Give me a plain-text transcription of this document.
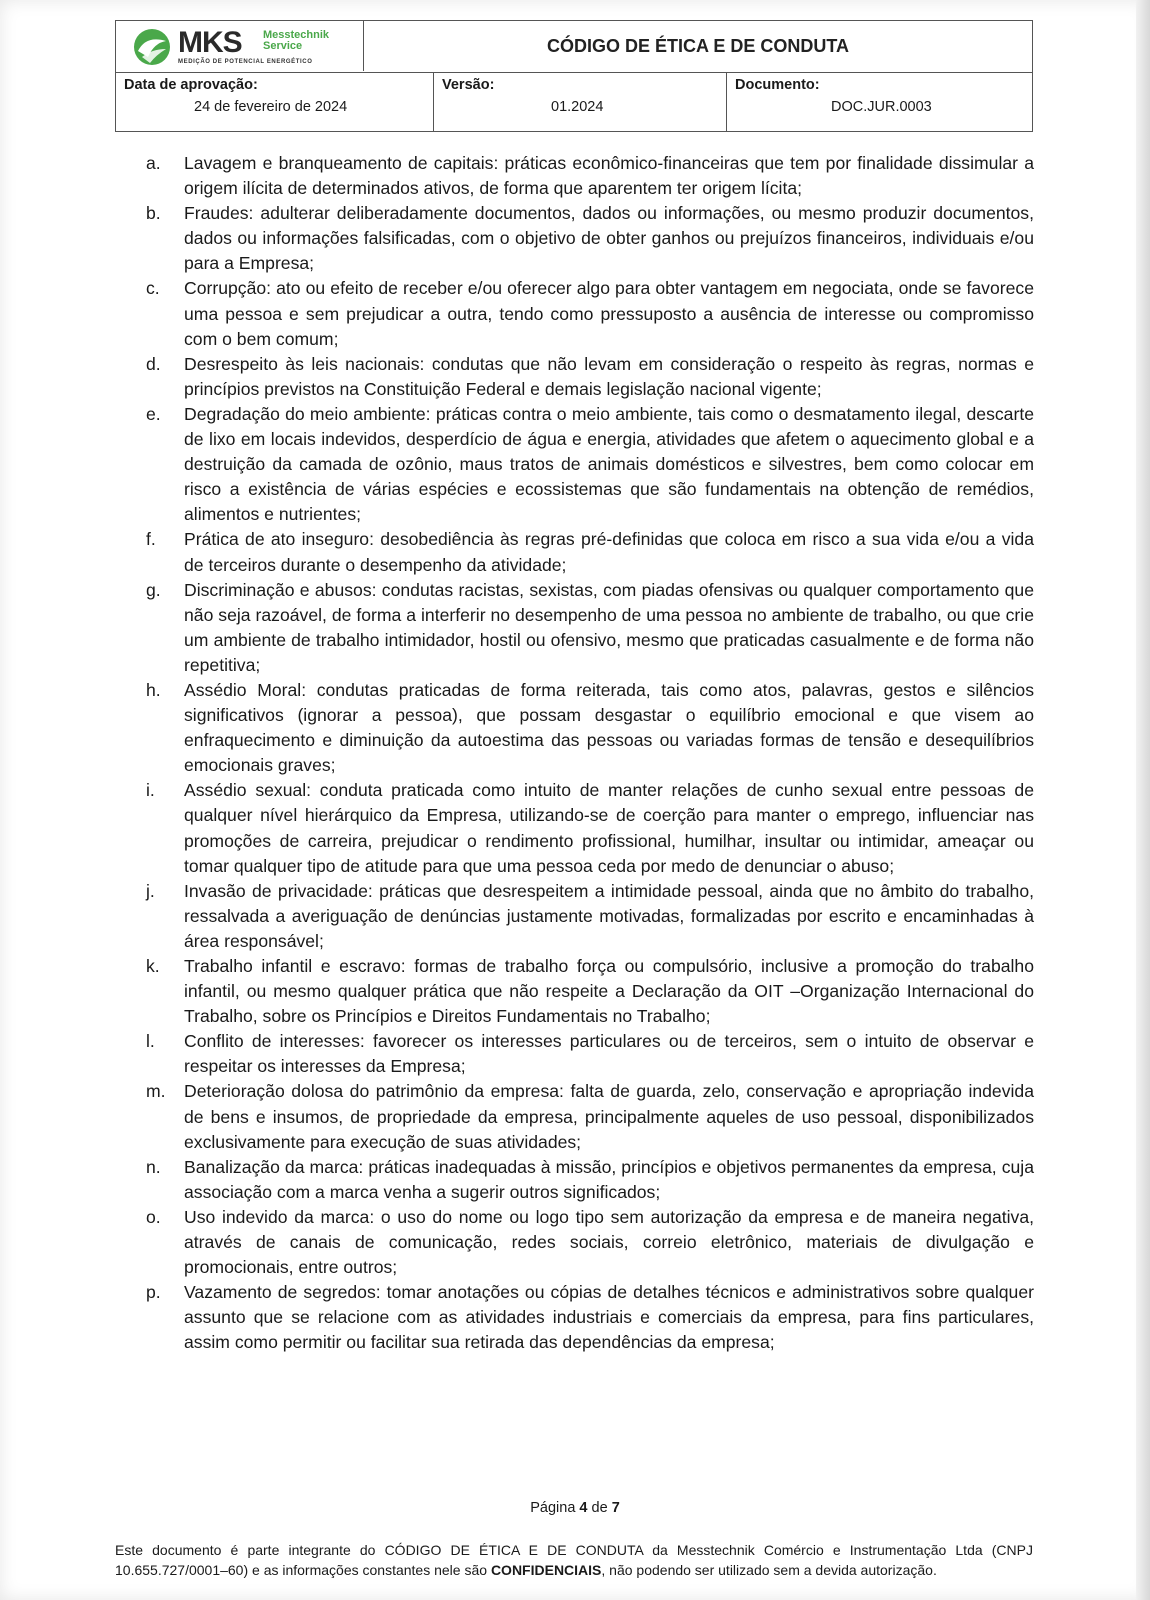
MKS Messtechnik
Service
MEDIÇÃO DE POTENCIAL ENERGÉTICO
CÓDIGO DE ÉTICA E DE CONDUTA
Data de aprovação:
24 de fevereiro de 2024
Versão:
01.2024
Documento:
DOC.JUR.0003
a. Lavagem e branqueamento de capitais: práticas econômico-financeiras que tem por finalidade dissimular a origem ilícita de determinados ativos, de forma que aparentem ter origem lícita;
b. Fraudes: adulterar deliberadamente documentos, dados ou informações, ou mesmo produzir documentos, dados ou informações falsificadas, com o objetivo de obter ganhos ou prejuízos financeiros, individuais e/ou para a Empresa;
c. Corrupção: ato ou efeito de receber e/ou oferecer algo para obter vantagem em negociata, onde se favorece uma pessoa e sem prejudicar a outra, tendo como pressuposto a ausência de interesse ou compromisso com o bem comum;
d. Desrespeito às leis nacionais: condutas que não levam em consideração o respeito às regras, normas e princípios previstos na Constituição Federal e demais legislação nacional vigente;
e. Degradação do meio ambiente: práticas contra o meio ambiente, tais como o desmatamento ilegal, descarte de lixo em locais indevidos, desperdício de água e energia, atividades que afetem o aquecimento global e a destruição da camada de ozônio, maus tratos de animais domésticos e silvestres, bem como colocar em risco a existência de várias espécies e ecossistemas que são fundamentais na obtenção de remédios, alimentos e nutrientes;
f. Prática de ato inseguro: desobediência às regras pré-definidas que coloca em risco a sua vida e/ou a vida de terceiros durante o desempenho da atividade;
g. Discriminação e abusos: condutas racistas, sexistas, com piadas ofensivas ou qualquer comportamento que não seja razoável, de forma a interferir no desempenho de uma pessoa no ambiente de trabalho, ou que crie um ambiente de trabalho intimidador, hostil ou ofensivo, mesmo que praticadas casualmente e de forma não repetitiva;
h. Assédio Moral: condutas praticadas de forma reiterada, tais como atos, palavras, gestos e silêncios significativos (ignorar a pessoa), que possam desgastar o equilíbrio emocional e que visem ao enfraquecimento e diminuição da autoestima das pessoas ou variadas formas de tensão e desequilíbrios emocionais graves;
i. Assédio sexual: conduta praticada como intuito de manter relações de cunho sexual entre pessoas de qualquer nível hierárquico da Empresa, utilizando-se de coerção para manter o emprego, influenciar nas promoções de carreira, prejudicar o rendimento profissional, humilhar, insultar ou intimidar, ameaçar ou tomar qualquer tipo de atitude para que uma pessoa ceda por medo de denunciar o abuso;
j. Invasão de privacidade: práticas que desrespeitem a intimidade pessoal, ainda que no âmbito do trabalho, ressalvada a averiguação de denúncias justamente motivadas, formalizadas por escrito e encaminhadas à área responsável;
k. Trabalho infantil e escravo: formas de trabalho força ou compulsório, inclusive a promoção do trabalho infantil, ou mesmo qualquer prática que não respeite a Declaração da OIT –Organização Internacional do Trabalho, sobre os Princípios e Direitos Fundamentais no Trabalho;
l. Conflito de interesses: favorecer os interesses particulares ou de terceiros, sem o intuito de observar e respeitar os interesses da Empresa;
m. Deterioração dolosa do patrimônio da empresa: falta de guarda, zelo, conservação e apropriação indevida de bens e insumos, de propriedade da empresa, principalmente aqueles de uso pessoal, disponibilizados exclusivamente para execução de suas atividades;
n. Banalização da marca: práticas inadequadas à missão, princípios e objetivos permanentes da empresa, cuja associação com a marca venha a sugerir outros significados;
o. Uso indevido da marca: o uso do nome ou logo tipo sem autorização da empresa e de maneira negativa, através de canais de comunicação, redes sociais, correio eletrônico, materiais de divulgação e promocionais, entre outros;
p. Vazamento de segredos: tomar anotações ou cópias de detalhes técnicos e administrativos sobre qualquer assunto que se relacione com as atividades industriais e comerciais da empresa, para fins particulares, assim como permitir ou facilitar sua retirada das dependências da empresa;
Página 4 de 7
Este documento é parte integrante do CÓDIGO DE ÉTICA E DE CONDUTA da Messtechnik Comércio e Instrumentação Ltda (CNPJ 10.655.727/0001–60) e as informações constantes nele são CONFIDENCIAIS, não podendo ser utilizado sem a devida autorização.
